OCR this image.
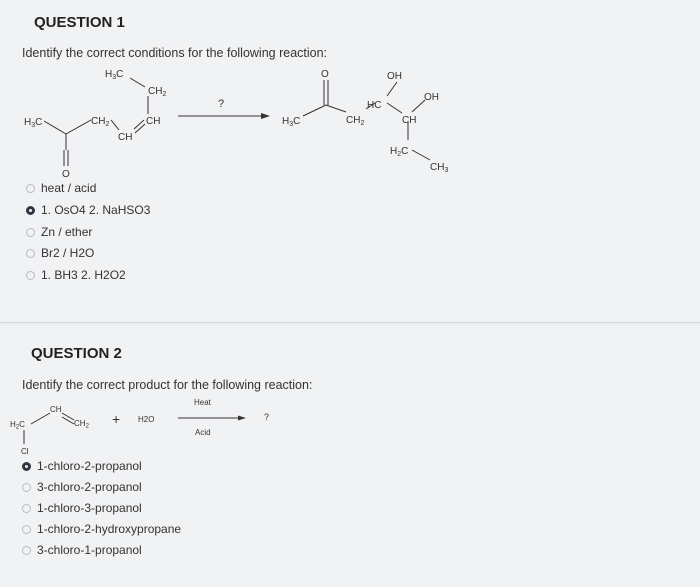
QUESTION 1
Identify the correct conditions for the following reaction:
$H_3C$	$CH_2$
CH
CH
$CH_2$
$H_3C$
O
$H_3C$
O
$CH_2$
HC
OH
CH
OH
$H_2C$
$CH_3$
?
heat / acid
1. OsO4 2. NaHSO3
Zn / ether
Br2 / H2O
1. BH3 2. H2O2
QUESTION 2
Identify the correct product for the following reaction:
H2C
CH
CH2
Cl
+ H2O
Heat
Acid
?
1-chloro-2-propanol
3-chloro-2-propanol
1-chloro-3-propanol
1-chloro-2-hydroxypropane
3-chloro-1-propanol
